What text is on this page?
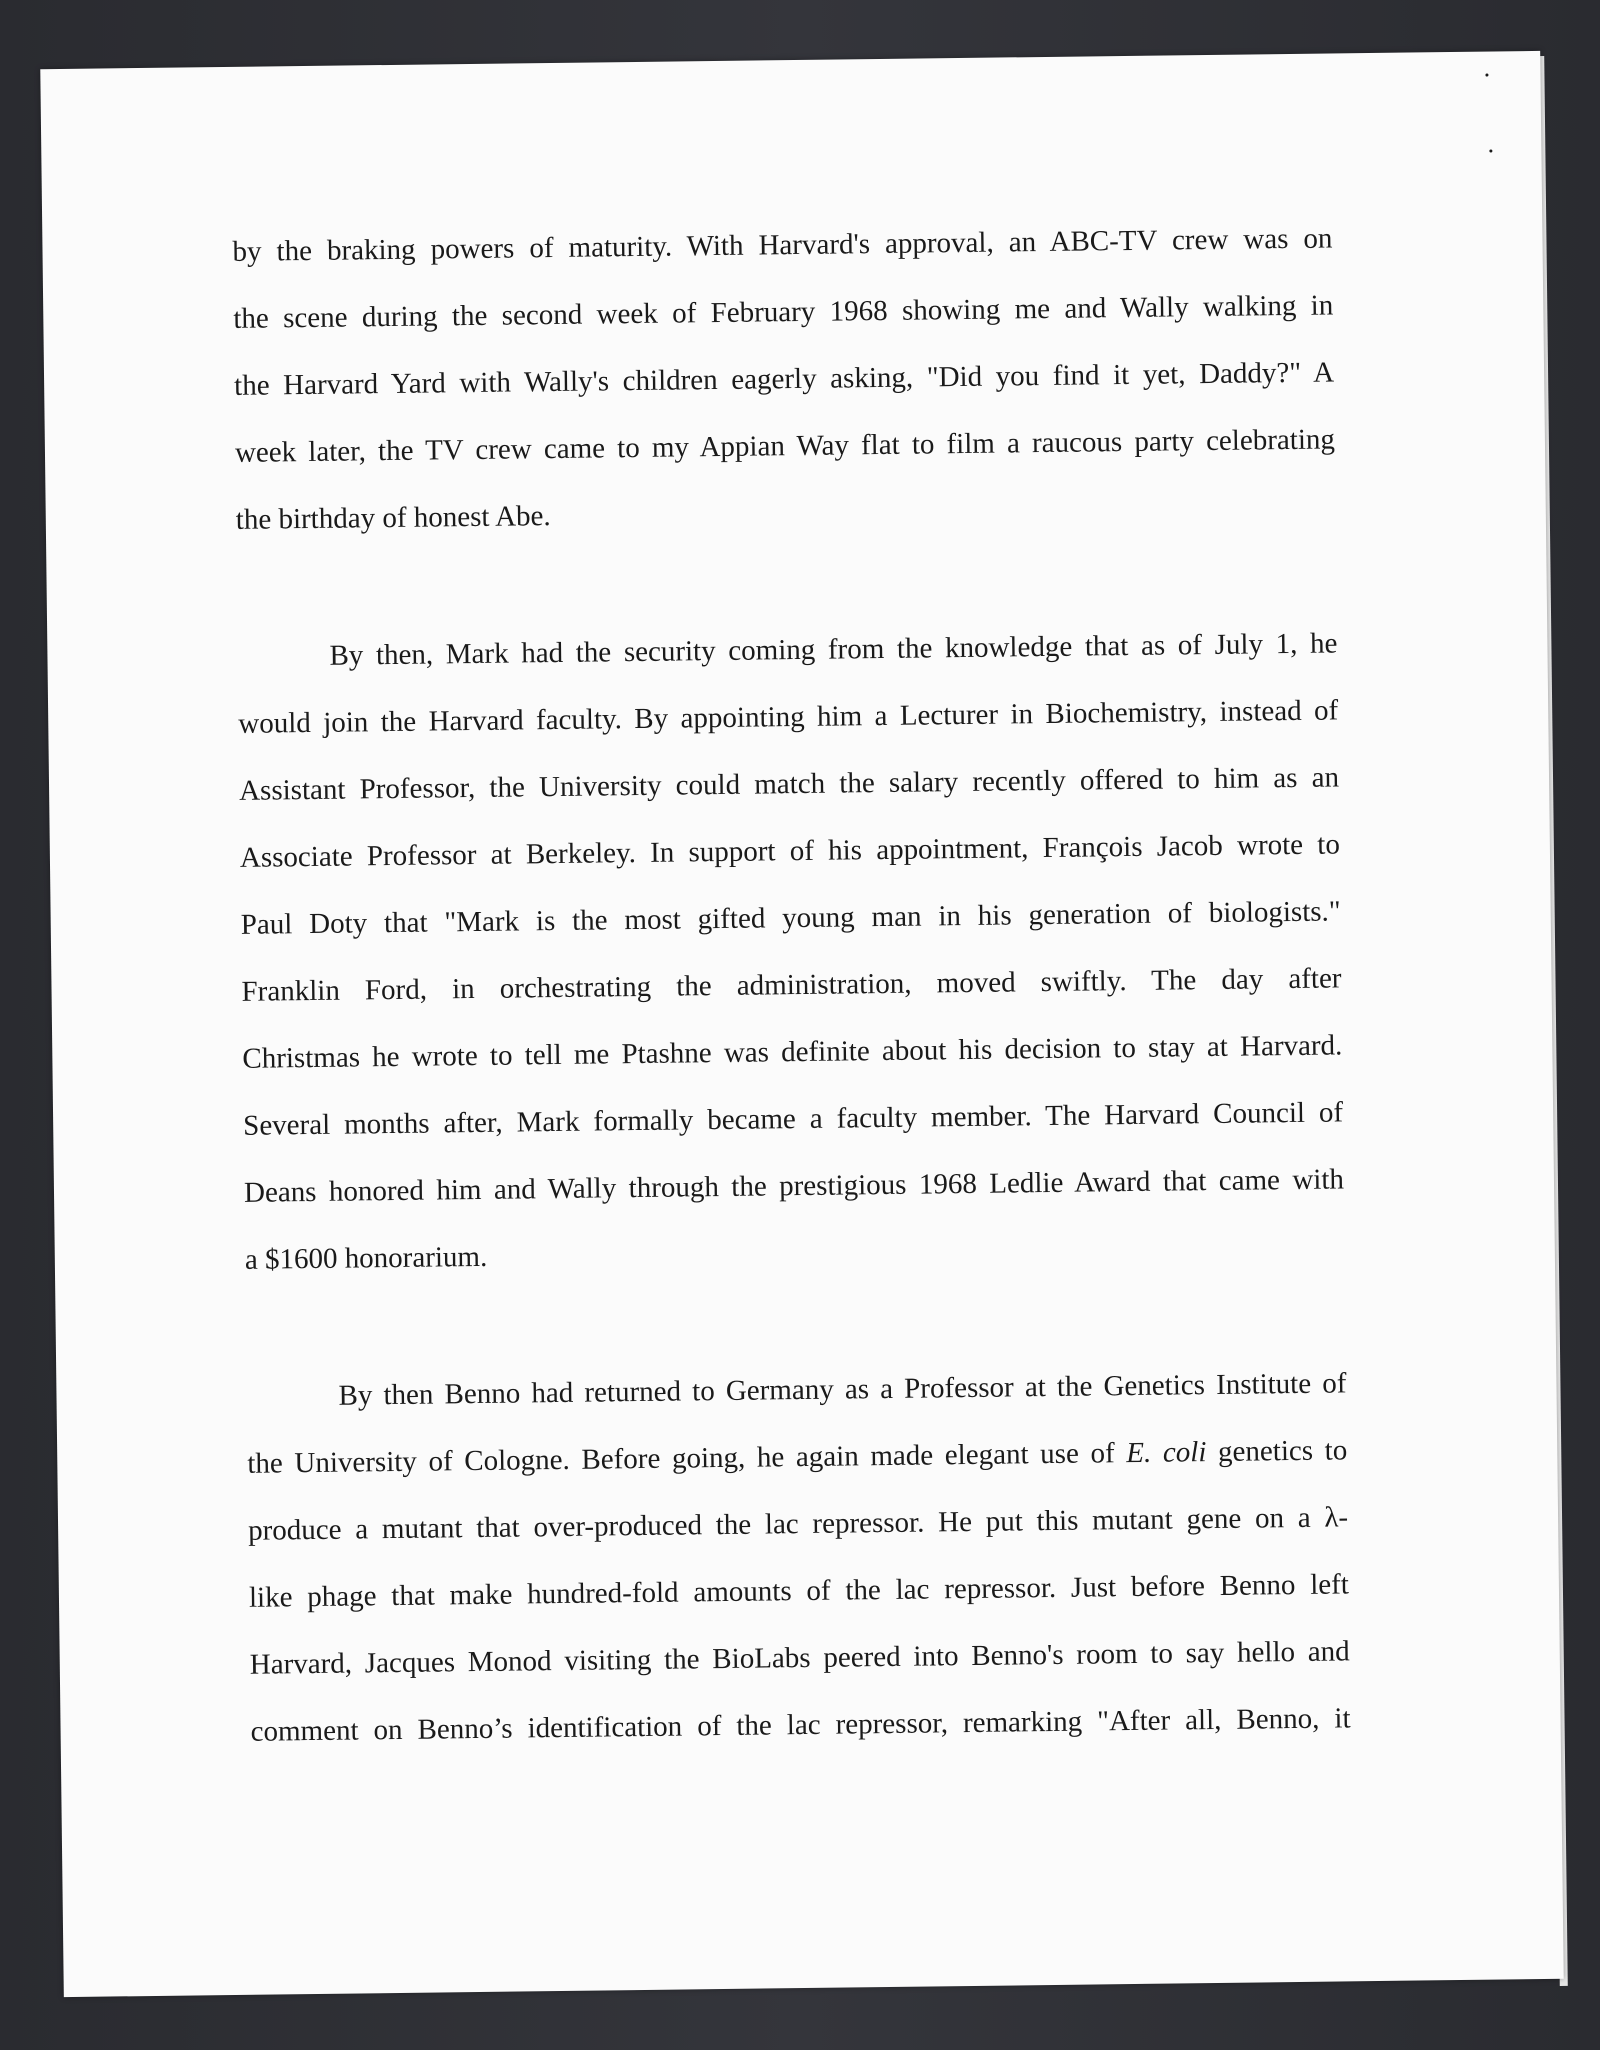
by the braking powers of maturity. With Harvard's approval, an ABC-TV crew was on
the scene during the second week of February 1968 showing me and Wally walking in
the Harvard Yard with Wally's children eagerly asking, "Did you find it yet, Daddy?" A
week later, the TV crew came to my Appian Way flat to film a raucous party celebrating
the birthday of honest Abe.
By then, Mark had the security coming from the knowledge that as of July 1, he
would join the Harvard faculty. By appointing him a Lecturer in Biochemistry, instead of
Assistant Professor, the University could match the salary recently offered to him as an
Associate Professor at Berkeley. In support of his appointment, François Jacob wrote to
Paul Doty that "Mark is the most gifted young man in his generation of biologists."
Franklin Ford, in orchestrating the administration, moved swiftly. The day after
Christmas he wrote to tell me Ptashne was definite about his decision to stay at Harvard.
Several months after, Mark formally became a faculty member. The Harvard Council of
Deans honored him and Wally through the prestigious 1968 Ledlie Award that came with
a $1600 honorarium.
By then Benno had returned to Germany as a Professor at the Genetics Institute of
the University of Cologne. Before going, he again made elegant use of E. coli genetics to
produce a mutant that over-produced the lac repressor. He put this mutant gene on a λ-
like phage that make hundred-fold amounts of the lac repressor. Just before Benno left
Harvard, Jacques Monod visiting the BioLabs peered into Benno's room to say hello and
comment on Benno’s identification of the lac repressor, remarking "After all, Benno, it
